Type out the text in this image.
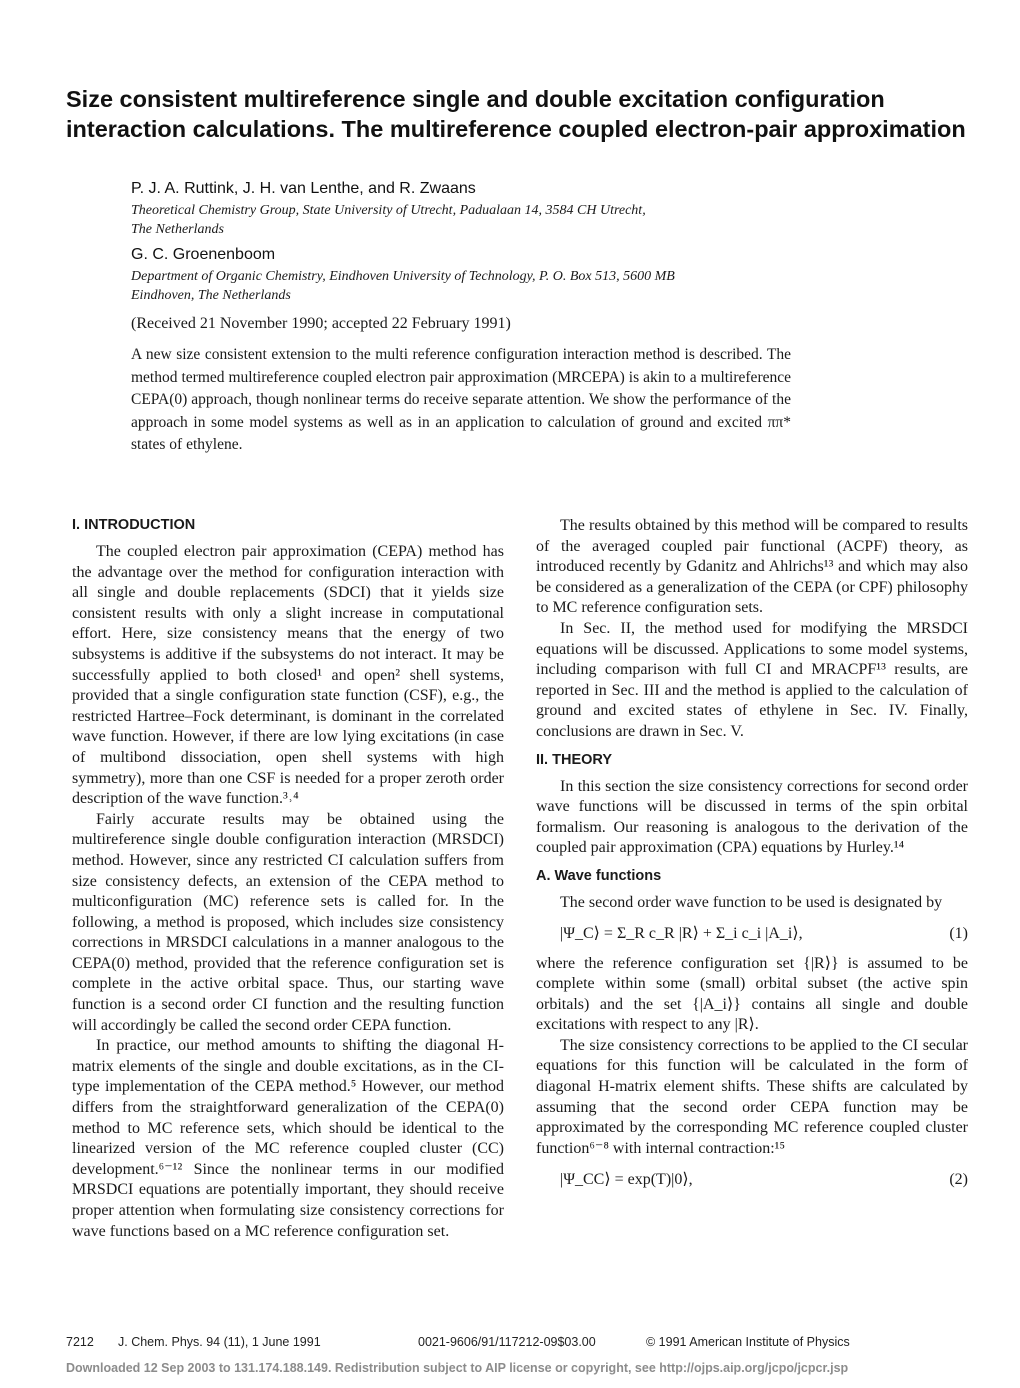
Size consistent multireference single and double excitation configuration interaction calculations. The multireference coupled electron-pair approximation
P. J. A. Ruttink, J. H. van Lenthe, and R. Zwaans
Theoretical Chemistry Group, State University of Utrecht, Padualaan 14, 3584 CH Utrecht,
The Netherlands
G. C. Groenenboom
Department of Organic Chemistry, Eindhoven University of Technology, P. O. Box 513, 5600 MB
Eindhoven, The Netherlands
(Received 21 November 1990; accepted 22 February 1991)

A new size consistent extension to the multi reference configuration interaction method is described. The method termed multireference coupled electron pair approximation (MRCEPA) is akin to a multireference CEPA(0) approach, though nonlinear terms do receive separate attention. We show the performance of the approach in some model systems as well as in an application to calculation of ground and excited ππ* states of ethylene.

I. INTRODUCTION

The coupled electron pair approximation (CEPA) method has the advantage over the method for configuration interaction with all single and double replacements (SDCI) that it yields size consistent results with only a slight increase in computational effort. Here, size consistency means that the energy of two subsystems is additive if the subsystems do not interact. It may be successfully applied to both closed¹ and open² shell systems, provided that a single configuration state function (CSF), e.g., the restricted Hartree–Fock determinant, is dominant in the correlated wave function. However, if there are low lying excitations (in case of multibond dissociation, open shell systems with high symmetry), more than one CSF is needed for a proper zeroth order description of the wave function.³˒⁴

Fairly accurate results may be obtained using the multireference single double configuration interaction (MRSDCI) method. However, since any restricted CI calculation suffers from size consistency defects, an extension of the CEPA method to multiconfiguration (MC) reference sets is called for. In the following, a method is proposed, which includes size consistency corrections in MRSDCI calculations in a manner analogous to the CEPA(0) method, provided that the reference configuration set is complete in the active orbital space. Thus, our starting wave function is a second order CI function and the resulting function will accordingly be called the second order CEPA function.

In practice, our method amounts to shifting the diagonal H-matrix elements of the single and double excitations, as in the CI-type implementation of the CEPA method.⁵ However, our method differs from the straightforward generalization of the CEPA(0) method to MC reference sets, which should be identical to the linearized version of the MC reference coupled cluster (CC) development.⁶⁻¹² Since the nonlinear terms in our modified MRSDCI equations are potentially important, they should receive proper attention when formulating size consistency corrections for wave functions based on a MC reference configuration set.

The results obtained by this method will be compared to results of the averaged coupled pair functional (ACPF) theory, as introduced recently by Gdanitz and Ahlrichs¹³ and which may also be considered as a generalization of the CEPA (or CPF) philosophy to MC reference configuration sets.

In Sec. II, the method used for modifying the MRSDCI equations will be discussed. Applications to some model systems, including comparison with full CI and MRACPF¹³ results, are reported in Sec. III and the method is applied to the calculation of ground and excited states of ethylene in Sec. IV. Finally, conclusions are drawn in Sec. V.

II. THEORY

In this section the size consistency corrections for second order wave functions will be discussed in terms of the spin orbital formalism. Our reasoning is analogous to the derivation of the coupled pair approximation (CPA) equations by Hurley.¹⁴

A. Wave functions

The second order wave function to be used is designated by

|Ψ_C⟩ = Σ_R c_R |R⟩ + Σ_i c_i |A_i⟩,	(1)

where the reference configuration set {|R⟩} is assumed to be complete within some (small) orbital subset (the active spin orbitals) and the set {|A_i⟩} contains all single and double excitations with respect to any |R⟩.

The size consistency corrections to be applied to the CI secular equations for this function will be calculated in the form of diagonal H-matrix element shifts. These shifts are calculated by assuming that the second order CEPA function may be approximated by the corresponding MC reference coupled cluster function⁶⁻⁸ with internal contraction:¹⁵

|Ψ_CC⟩ = exp(T)|0⟩,	(2)
7212 J. Chem. Phys. 94 (11), 1 June 1991	0021-9606/91/117212-09$03.00	© 1991 American Institute of Physics
Downloaded 12 Sep 2003 to 131.174.188.149. Redistribution subject to AIP license or copyright, see http://ojps.aip.org/jcpo/jcpcr.jsp
